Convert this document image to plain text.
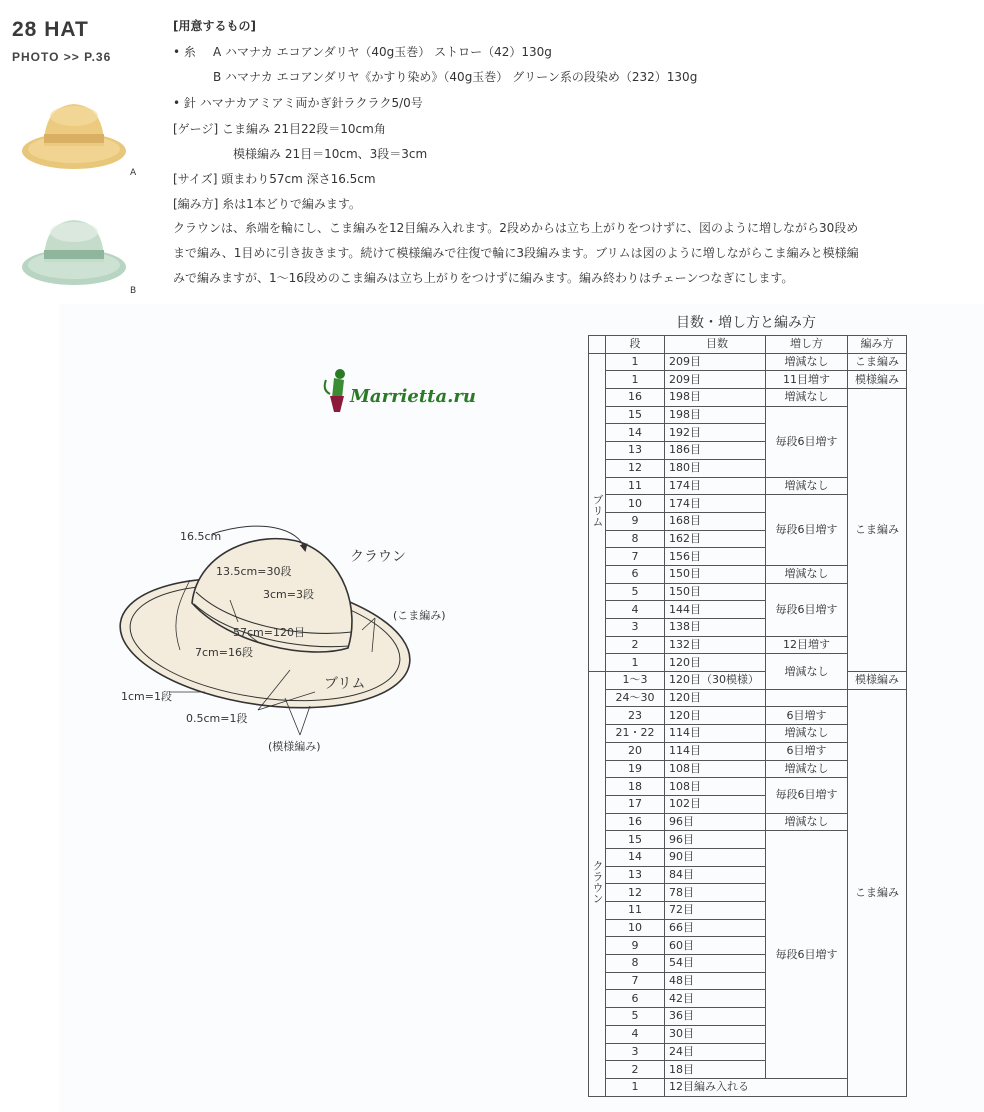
28 HAT
PHOTO >> P.36
A
B
[用意するもの]
• 糸 A ハマナカ エコアンダリヤ（40g玉巻） ストロー（42）130g
B ハマナカ エコアンダリヤ《かすり染め》（40g玉巻） グリーン系の段染め（232）130g
• 針 ハマナカアミアミ両かぎ針ラクラク5/0号
[ゲージ] こま編み 21目22段＝10cm角
模様編み 21目＝10cm、3段＝3cm
[サイズ] 頭まわり57cm 深さ16.5cm
[編み方] 糸は1本どりで編みます。
クラウンは、糸端を輪にし、こま編みを12目編み入れます。2段めからは立ち上がりをつけずに、図のように増しながら30段め
まで編み、1目めに引き抜きます。続けて模様編みで往復で輪に3段編みます。ブリムは図のように増しながらこま編みと模様編
みで編みますが、1〜16段めのこま編みは立ち上がりをつけずに編みます。編み終わりはチェーンつなぎにします。
Marrietta.ru
16.5cm
クラウン
13.5cm=30段
3cm=3段
(こま編み)
57cm=120目
7cm=16段
ブリム
1cm=1段
0.5cm=1段
(模様編み)
目数・増し方と編み方
	段	目数	増し方	編み方
ブリム	1	209目	増減なし	こま編み
	1	209目	11目増す	模様編み
	16	198目	増減なし	こま編み
	15	198目	毎段6目増す	
	14	192目		
	13	186目		
	12	180目		
	11	174目	増減なし	
	10	174目	毎段6目増す	
	9	168目		
	8	162目		
	7	156目		
	6	150目	増減なし	
	5	150目	毎段6目増す	
	4	144目		
	3	138目		
	2	132目	12目増す	
	1	120目	増減なし	
クラウン	1〜3	120目（30模様）		模様編み
	24〜30	120目		こま編み
	23	120目	6目増す	
	21・22	114目	増減なし	
	20	114目	6目増す	
	19	108目	増減なし	
	18	108目	毎段6目増す	
	17	102目		
	16	96目	増減なし	
	15	96目	毎段6目増す	
	14	90目		
	13	84目		
	12	78目		
	11	72目		
	10	66目		
	9	60目		
	8	54目		
	7	48目		
	6	42目		
	5	36目		
	4	30目		
	3	24目		
	2	18目		
	1	12目編み入れる		
